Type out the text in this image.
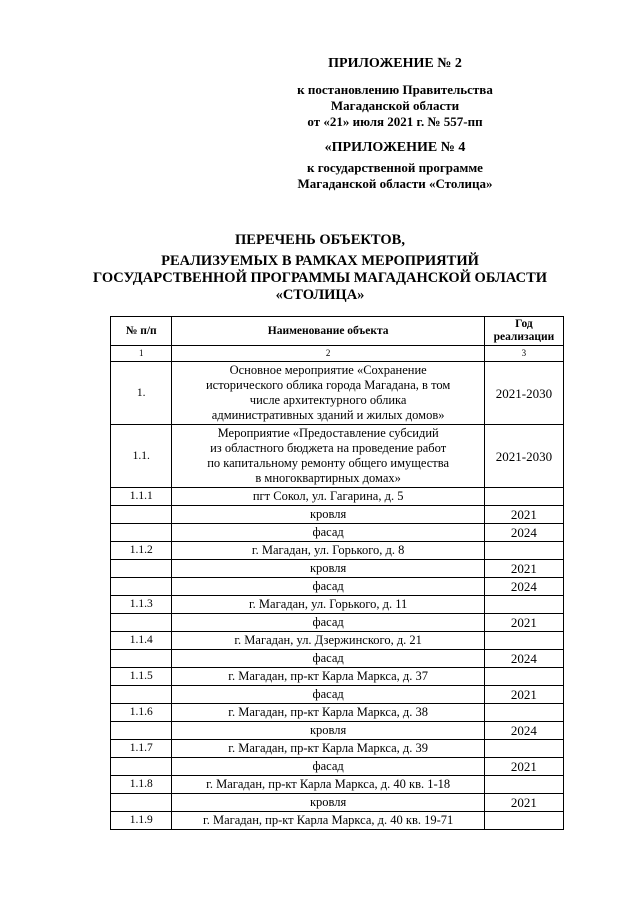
ПРИЛОЖЕНИЕ № 2
к постановлению Правительства
Магаданской области
от «21» июля 2021 г. № 557-пп
«ПРИЛОЖЕНИЕ № 4
к государственной программе
Магаданской области «Столица»
ПЕРЕЧЕНЬ ОБЪЕКТОВ,
РЕАЛИЗУЕМЫХ В РАМКАХ МЕРОПРИЯТИЙ
ГОСУДАРСТВЕННОЙ ПРОГРАММЫ МАГАДАНСКОЙ ОБЛАСТИ
«СТОЛИЦА»
№ п/п	Наименование объекта	Год реализации
1	2	3
1.	Основное мероприятие «Сохранение
исторического облика города Магадана, в том
числе архитектурного облика
административных зданий и жилых домов»	2021-2030
1.1.	Мероприятие «Предоставление субсидий
из областного бюджета на проведение работ
по капитальному ремонту общего имущества
в многоквартирных домах»	2021-2030
1.1.1	пгт Сокол, ул. Гагарина, д. 5	
	кровля	2021
	фасад	2024
1.1.2	г. Магадан, ул. Горького, д. 8	
	кровля	2021
	фасад	2024
1.1.3	г. Магадан, ул. Горького, д. 11	
	фасад	2021
1.1.4	г. Магадан, ул. Дзержинского, д. 21	
	фасад	2024
1.1.5	г. Магадан, пр-кт Карла Маркса, д. 37	
	фасад	2021
1.1.6	г. Магадан, пр-кт Карла Маркса, д. 38	
	кровля	2024
1.1.7	г. Магадан, пр-кт Карла Маркса, д. 39	
	фасад	2021
1.1.8	г. Магадан, пр-кт Карла Маркса, д. 40 кв. 1-18	
	кровля	2021
1.1.9	г. Магадан, пр-кт Карла Маркса, д. 40 кв. 19-71	
